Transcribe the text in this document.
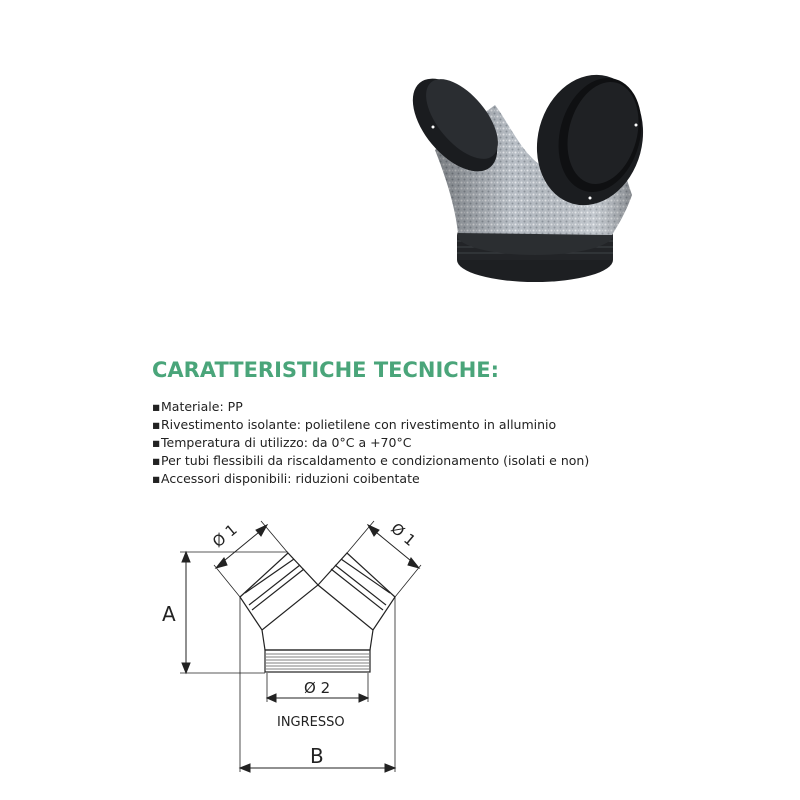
CARATTERISTICHE TECNICHE:
▪Materiale: PP
▪Rivestimento isolante: polietilene con rivestimento in alluminio
▪Temperatura di utilizzo: da 0°C a +70°C
▪Per tubi flessibili da riscaldamento e condizionamento (isolati e non)
▪Accessori disponibili: riduzioni coibentate
A
B
Ø 2
INGRESSO
Ø 1	Ø 1
